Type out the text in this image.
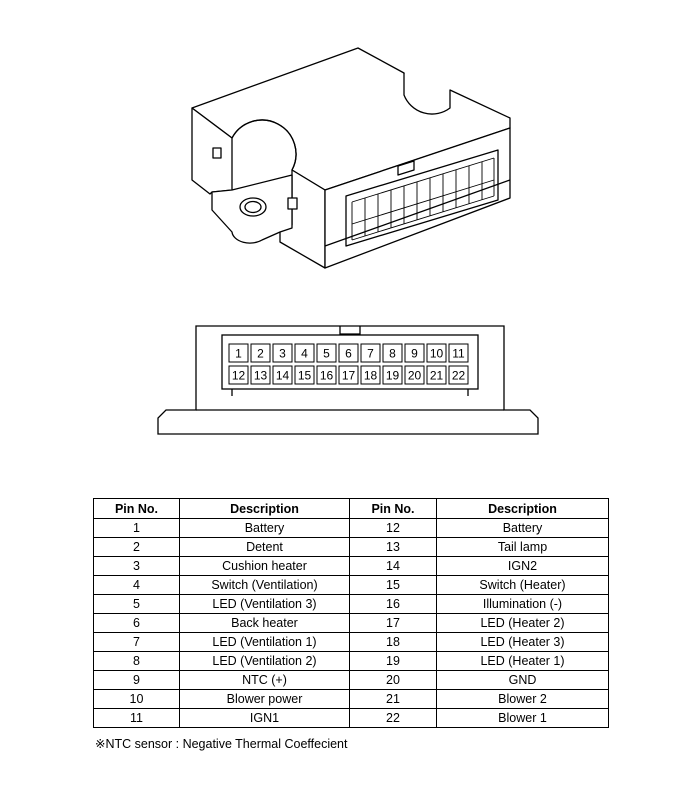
1 2 3 4 5 6 7 8 9 10 11
12 13 14 15 16 17 18 19 20 21 22
Pin No.	Description	Pin No.	Description
1	Battery	12	Battery
2	Detent	13	Tail lamp
3	Cushion heater	14	IGN2
4	Switch (Ventilation)	15	Switch (Heater)
5	LED (Ventilation 3)	16	Illumination (-)
6	Back heater	17	LED (Heater 2)
7	LED (Ventilation 1)	18	LED (Heater 3)
8	LED (Ventilation 2)	19	LED (Heater 1)
9	NTC (+)	20	GND
10	Blower power	21	Blower 2
11	IGN1	22	Blower 1
※NTC sensor : Negative Thermal Coeffecient
